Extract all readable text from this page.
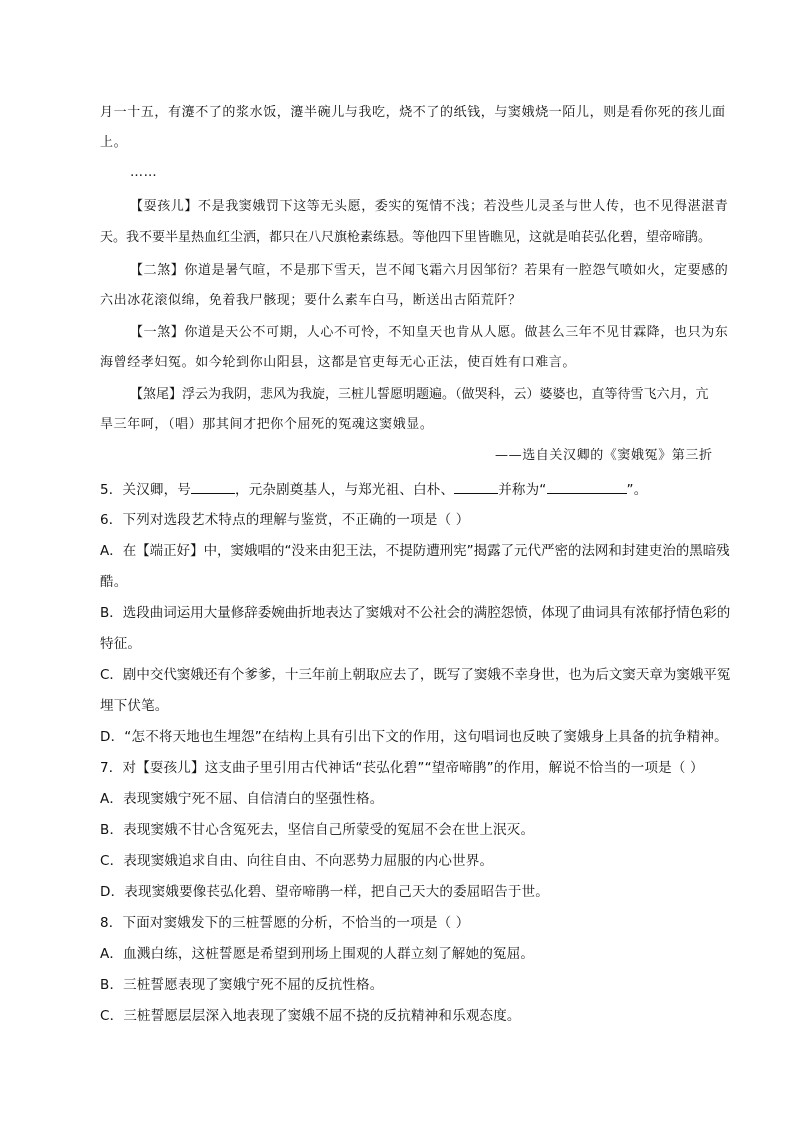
月一十五，有瀽不了的浆水饭，瀽半碗儿与我吃，烧不了的纸钱，与窦娥烧一陌儿，则是看你死的孩儿面
上。
……
【耍孩儿】不是我窦娥罚下这等无头愿，委实的冤情不浅；若没些儿灵圣与世人传，也不见得湛湛青
天。我不要半星热血红尘洒，都只在八尺旗枪素练悬。等他四下里皆瞧见，这就是咱苌弘化碧，望帝啼鹃。
【二煞】你道是暑气暄，不是那下雪天，岂不闻飞霜六月因邹衍？若果有一腔怨气喷如火，定要感的
六出冰花滚似绵，免着我尸骸现；要什么素车白马，断送出古陌荒阡？
【一煞】你道是天公不可期，人心不可怜，不知皇天也肯从人愿。做甚么三年不见甘霖降，也只为东
海曾经孝妇冤。如今轮到你山阳县，这都是官吏每无心正法，使百姓有口难言。
【煞尾】浮云为我阴，悲风为我旋，三桩儿誓愿明题遍。（做哭科，云）婆婆也，直等待雪飞六月，亢
旱三年呵，（唱）那其间才把你个屈死的冤魂这窦娥显。
——选自关汉卿的《窦娥冤》第三折
5．关汉卿，号	，元杂剧奠基人，与郑光祖、白朴、	并称为“	”。
6．下列对选段艺术特点的理解与鉴赏，不正确的一项是（ ）
A．在【端正好】中，窦娥唱的“没来由犯王法，不提防遭刑宪”揭露了元代严密的法网和封建吏治的黑暗残
酷。
B．选段曲词运用大量修辞委婉曲折地表达了窦娥对不公社会的满腔怨愤，体现了曲词具有浓郁抒情色彩的
特征。
C．剧中交代窦娥还有个爹爹，十三年前上朝取应去了，既写了窦娥不幸身世，也为后文窦天章为窦娥平冤
埋下伏笔。
D．“怎不将天地也生埋怨”在结构上具有引出下文的作用，这句唱词也反映了窦娥身上具备的抗争精神。
7．对【耍孩儿】这支曲子里引用古代神话“苌弘化碧”“望帝啼鹃”的作用，解说不恰当的一项是（ ）
A．表现窦娥宁死不屈、自信清白的坚强性格。
B．表现窦娥不甘心含冤死去，坚信自己所蒙受的冤屈不会在世上泯灭。
C．表现窦娥追求自由、向往自由、不向恶势力屈服的内心世界。
D．表现窦娥要像苌弘化碧、望帝啼鹃一样，把自己天大的委屈昭告于世。
8．下面对窦娥发下的三桩誓愿的分析，不恰当的一项是（ ）
A．血溅白练，这桩誓愿是希望到刑场上围观的人群立刻了解她的冤屈。
B．三桩誓愿表现了窦娥宁死不屈的反抗性格。
C．三桩誓愿层层深入地表现了窦娥不屈不挠的反抗精神和乐观态度。
